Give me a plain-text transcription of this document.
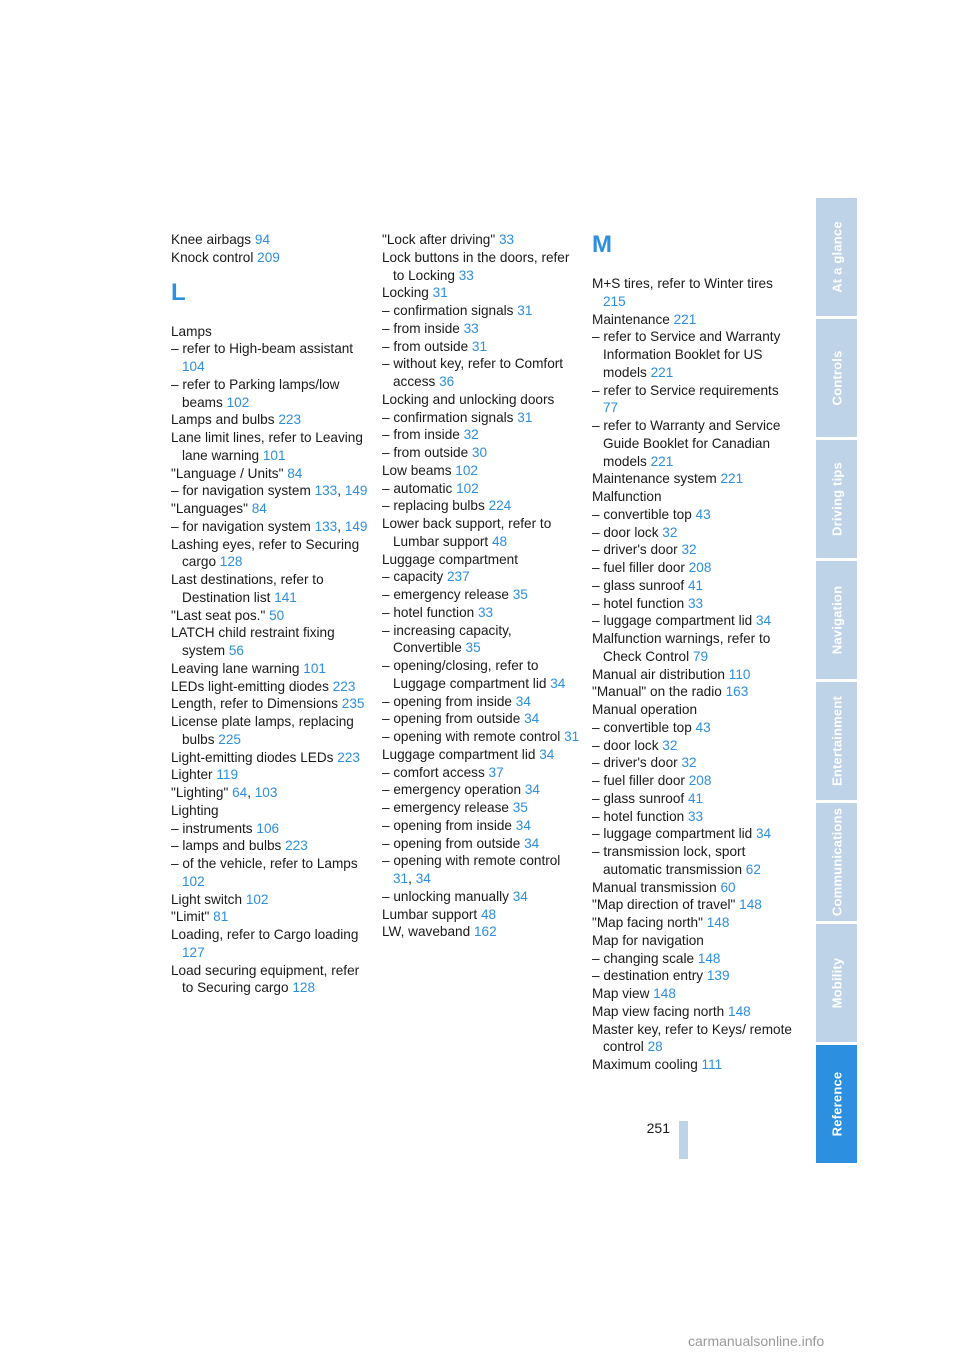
Knee airbags 94
Knock control 209
L
Lamps
– refer to High-beam assistant 104
– refer to Parking lamps/low beams 102
Lamps and bulbs 223
Lane limit lines, refer to Leaving lane warning 101
"Language / Units" 84
– for navigation system 133, 149
"Languages" 84
– for navigation system 133, 149
Lashing eyes, refer to Securing cargo 128
Last destinations, refer to Destination list 141
"Last seat pos." 50
LATCH child restraint fixing system 56
Leaving lane warning 101
LEDs light-emitting diodes 223
Length, refer to Dimensions 235
License plate lamps, replacing bulbs 225
Light-emitting diodes LEDs 223
Lighter 119
"Lighting" 64, 103
Lighting
– instruments 106
– lamps and bulbs 223
– of the vehicle, refer to Lamps 102
Light switch 102
"Limit" 81
Loading, refer to Cargo loading 127
Load securing equipment, refer to Securing cargo 128
"Lock after driving" 33
Lock buttons in the doors, refer to Locking 33
Locking 31
– confirmation signals 31
– from inside 33
– from outside 31
– without key, refer to Comfort access 36
Locking and unlocking doors
– confirmation signals 31
– from inside 32
– from outside 30
Low beams 102
– automatic 102
– replacing bulbs 224
Lower back support, refer to Lumbar support 48
Luggage compartment
– capacity 237
– emergency release 35
– hotel function 33
– increasing capacity, Convertible 35
– opening/closing, refer to Luggage compartment lid 34
– opening from inside 34
– opening from outside 34
– opening with remote control 31
Luggage compartment lid 34
– comfort access 37
– emergency operation 34
– emergency release 35
– opening from inside 34
– opening from outside 34
– opening with remote control 31, 34
– unlocking manually 34
Lumbar support 48
LW, waveband 162
M
M+S tires, refer to Winter tires 215
Maintenance 221
– refer to Service and Warranty Information Booklet for US models 221
– refer to Service requirements 77
– refer to Warranty and Service Guide Booklet for Canadian models 221
Maintenance system 221
Malfunction
– convertible top 43
– door lock 32
– driver's door 32
– fuel filler door 208
– glass sunroof 41
– hotel function 33
– luggage compartment lid 34
Malfunction warnings, refer to Check Control 79
Manual air distribution 110
"Manual" on the radio 163
Manual operation
– convertible top 43
– door lock 32
– driver's door 32
– fuel filler door 208
– glass sunroof 41
– hotel function 33
– luggage compartment lid 34
– transmission lock, sport automatic transmission 62
Manual transmission 60
"Map direction of travel" 148
"Map facing north" 148
Map for navigation
– changing scale 148
– destination entry 139
Map view 148
Map view facing north 148
Master key, refer to Keys/ remote control 28
Maximum cooling 111
At a glance
Controls
Driving tips
Navigation
Entertainment
Communications
Mobility
Reference
251
carmanualsonline.info
